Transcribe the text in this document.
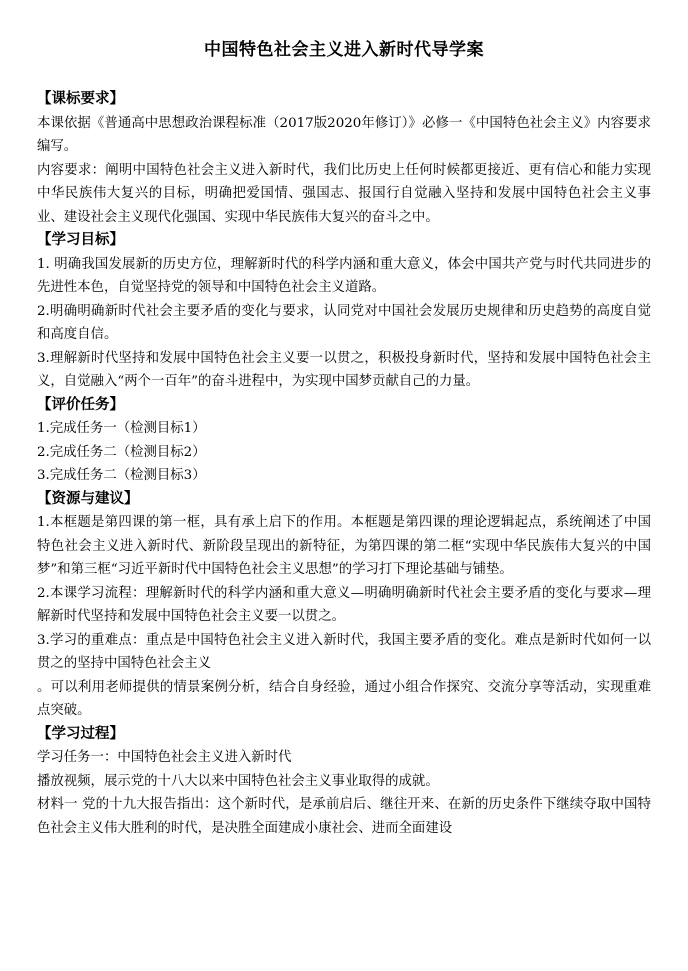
中国特色社会主义进入新时代导学案
【课标要求】

本课依据《普通高中思想政治课程标准（2017版2020年修订）》必修一《中国特色社会主义》内容要求编写。

内容要求：阐明中国特色社会主义进入新时代，我们比历史上任何时候都更接近、更有信心和能力实现中华民族伟大复兴的目标，明确把爱国情、强国志、报国行自觉融入坚持和发展中国特色社会主义事业、建设社会主义现代化强国、实现中华民族伟大复兴的奋斗之中。

【学习目标】

1. 明确我国发展新的历史方位，理解新时代的科学内涵和重大意义，体会中国共产党与时代共同进步的先进性本色，自觉坚持党的领导和中国特色社会主义道路。

2.明确明确新时代社会主要矛盾的变化与要求，认同党对中国社会发展历史规律和历史趋势的高度自觉和高度自信。

3.理解新时代坚持和发展中国特色社会主义要一以贯之，积极投身新时代，坚持和发展中国特色社会主义，自觉融入“两个一百年”的奋斗进程中，为实现中国梦贡献自己的力量。

【评价任务】

1.完成任务一（检测目标1）

2.完成任务二（检测目标2）

3.完成任务二（检测目标3）

【资源与建议】

1.本框题是第四课的第一框，具有承上启下的作用。本框题是第四课的理论逻辑起点，系统阐述了中国特色社会主义进入新时代、新阶段呈现出的新特征，为第四课的第二框“实现中华民族伟大复兴的中国梦”和第三框“习近平新时代中国特色社会主义思想”的学习打下理论基础与铺垫。

2.本课学习流程：理解新时代的科学内涵和重大意义—明确明确新时代社会主要矛盾的变化与要求—理解新时代坚持和发展中国特色社会主义要一以贯之。

3.学习的重难点：重点是中国特色社会主义进入新时代，我国主要矛盾的变化。难点是新时代如何一以贯之的坚持中国特色社会主义

。可以利用老师提供的情景案例分析，结合自身经验，通过小组合作探究、交流分享等活动，实现重难点突破。

【学习过程】

学习任务一：中国特色社会主义进入新时代

播放视频，展示党的十八大以来中国特色社会主义事业取得的成就。

材料一 党的十九大报告指出：这个新时代，是承前启后、继往开来、在新的历史条件下继续夺取中国特色社会主义伟大胜利的时代，是决胜全面建成小康社会、进而全面建设
